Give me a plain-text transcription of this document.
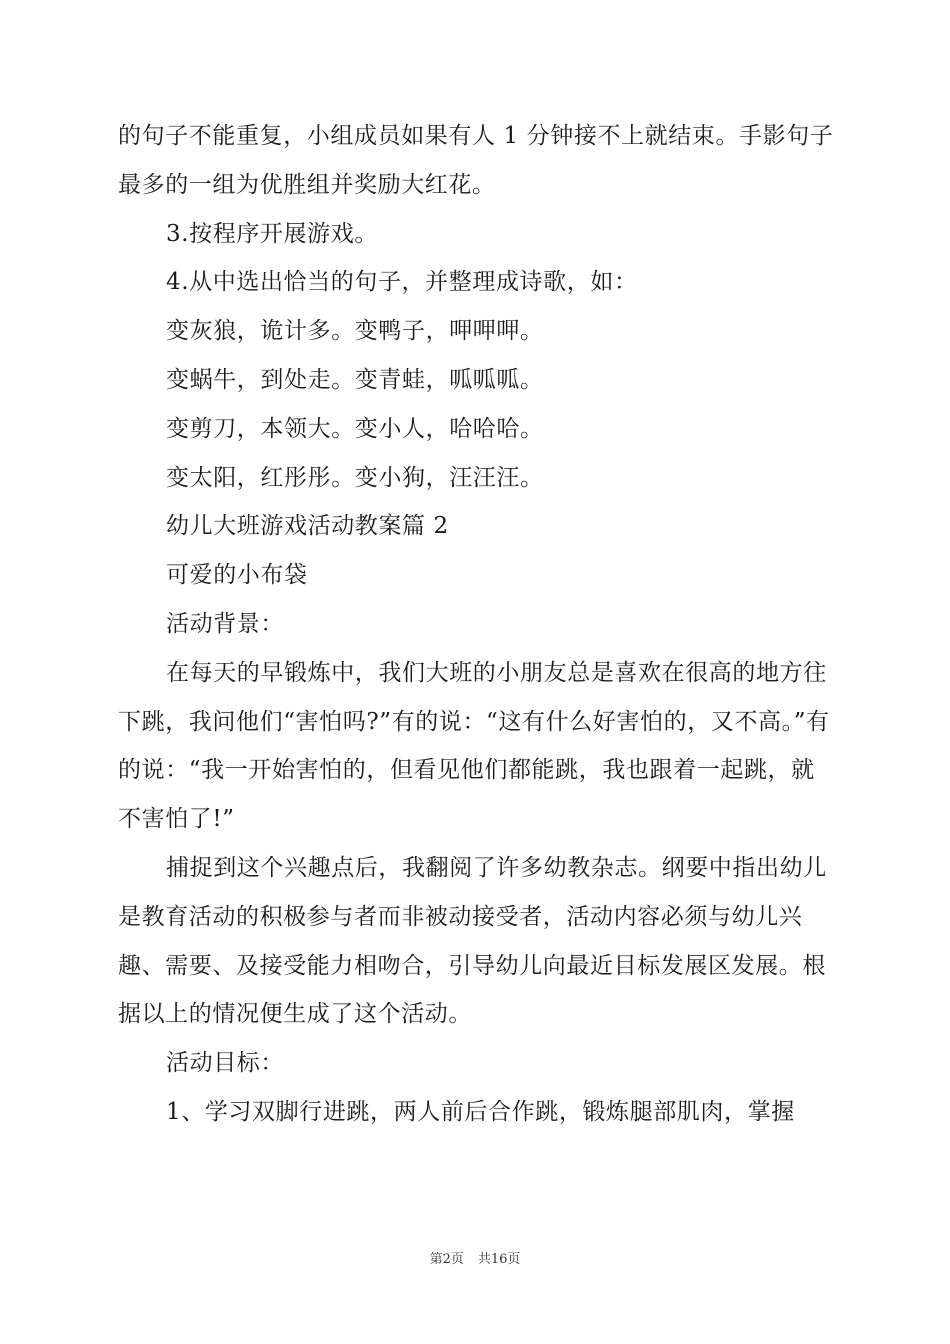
的句子不能重复，小组成员如果有人 1 分钟接不上就结束。手影句子最多的一组为优胜组并奖励大红花。

3.按程序开展游戏。

4.从中选出恰当的句子，并整理成诗歌，如：

变灰狼，诡计多。变鸭子，呷呷呷。

变蜗牛，到处走。变青蛙，呱呱呱。

变剪刀，本领大。变小人，哈哈哈。

变太阳，红彤彤。变小狗，汪汪汪。

幼儿大班游戏活动教案篇 2

可爱的小布袋

活动背景：

在每天的早锻炼中，我们大班的小朋友总是喜欢在很高的地方往下跳，我问他们“害怕吗?”有的说：“这有什么好害怕的，又不高。”有的说：“我一开始害怕的，但看见他们都能跳，我也跟着一起跳，就不害怕了!”

捕捉到这个兴趣点后，我翻阅了许多幼教杂志。纲要中指出幼儿是教育活动的积极参与者而非被动接受者，活动内容必须与幼儿兴趣、需要、及接受能力相吻合，引导幼儿向最近目标发展区发展。根据以上的情况便生成了这个活动。

活动目标：

1、学习双脚行进跳，两人前后合作跳，锻炼腿部肌肉，掌握

第2页 共16页
